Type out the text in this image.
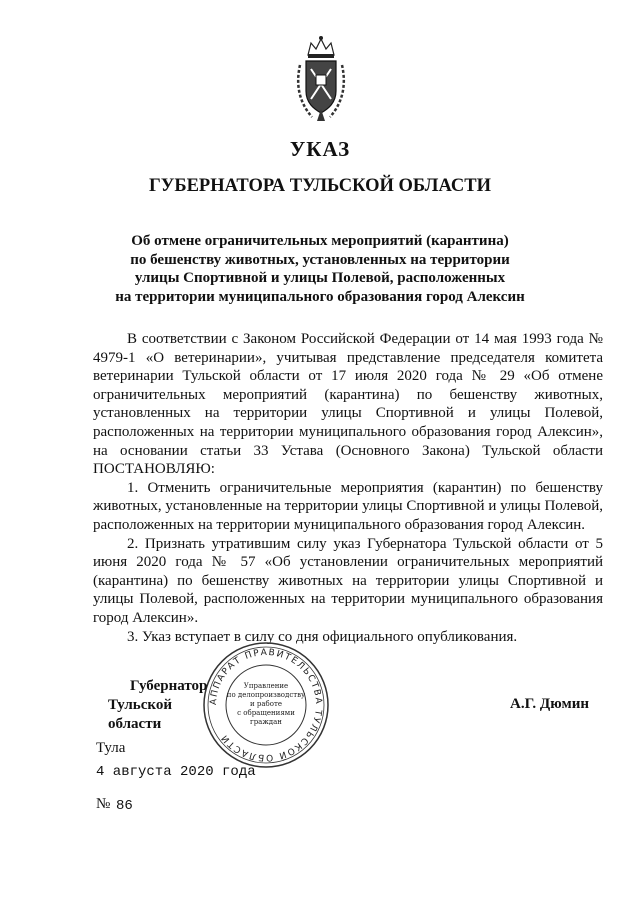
УКАЗ
ГУБЕРНАТОРА ТУЛЬСКОЙ ОБЛАСТИ
Об отмене ограничительных мероприятий (карантина)
по бешенству животных, установленных на территории
улицы Спортивной и улицы Полевой, расположенных
на территории муниципального образования город Алексин

В соответствии с Законом Российской Федерации от 14 мая 1993 года № 4979-1 «О ветеринарии», учитывая представление председателя комитета ветеринарии Тульской области от 17 июля 2020 года № 29 «Об отмене ограничительных мероприятий (карантина) по бешенству животных, установленных на территории улицы Спортивной и улицы Полевой, расположенных на территории муниципального образования город Алексин», на основании статьи 33 Устава (Основного Закона) Тульской области ПОСТАНОВЛЯЮ:

1. Отменить ограничительные мероприятия (карантин) по бешенству животных, установленные на территории улицы Спортивной и улицы Полевой, расположенных на территории муниципального образования город Алексин.

2. Признать утратившим силу указ Губернатора Тульской области от 5 июня 2020 года № 57 «Об установлении ограничительных мероприятий (карантина) по бешенству животных на территории улицы Спортивной и улицы Полевой, расположенных на территории муниципального образования город Алексин».

3. Указ вступает в силу со дня официального опубликования.

АППАРАТ ПРАВИТЕЛЬСТВА ТУЛЬСКОЙ ОБЛАСТИ
Управление
по делопроизводству
и работе
с обращениями
граждан
Губернатор
Тульской области
А.Г. Дюмин
Тула
4 августа 2020 года
№ 86
